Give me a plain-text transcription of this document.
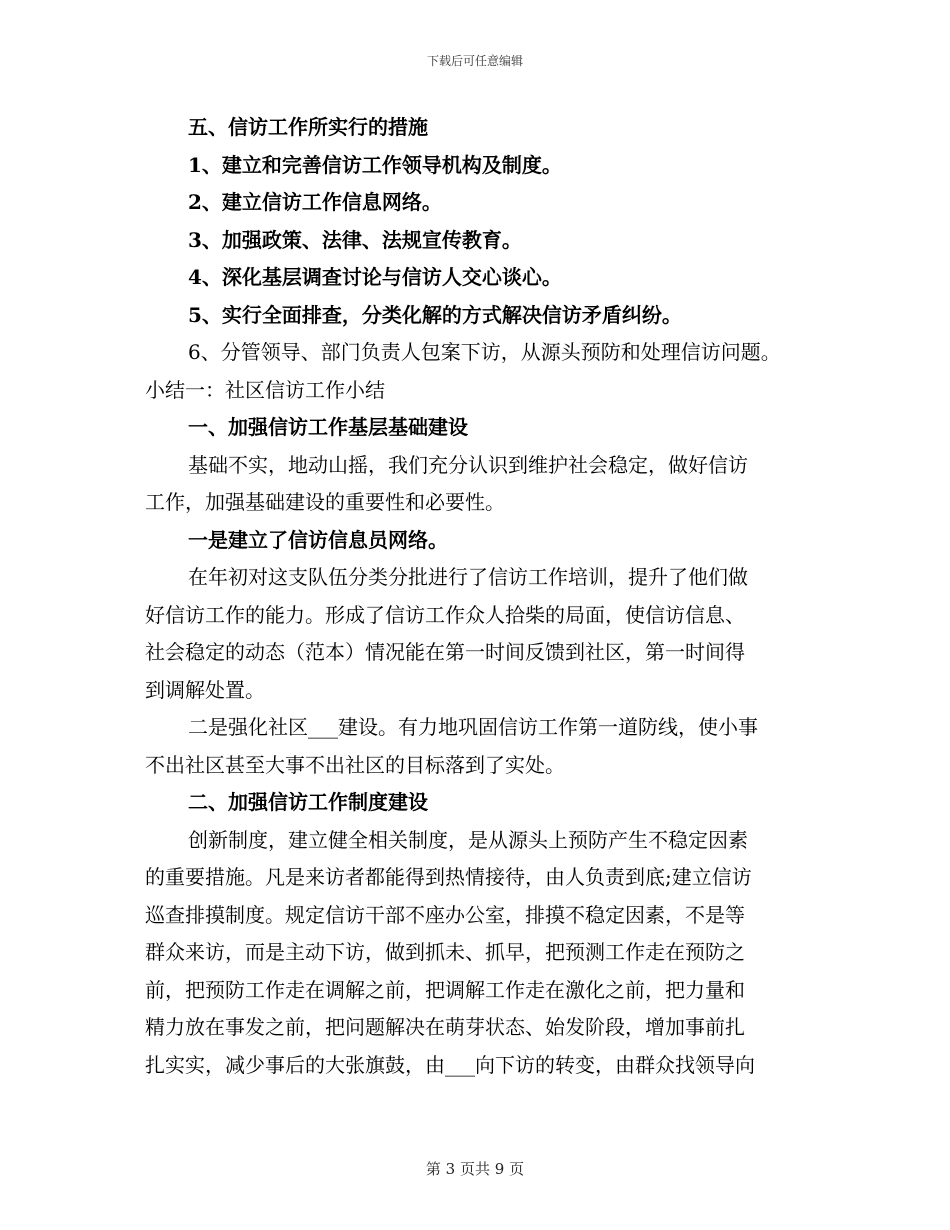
下载后可任意编辑
五、信访工作所实行的措施
1、建立和完善信访工作领导机构及制度。
2、建立信访工作信息网络。
3、加强政策、法律、法规宣传教育。
4、深化基层调查讨论与信访人交心谈心。
5、实行全面排查，分类化解的方式解决信访矛盾纠纷。
6、分管领导、部门负责人包案下访，从源头预防和处理信访问题。
小结一：社区信访工作小结
一、加强信访工作基层基础建设
基础不实，地动山摇，我们充分认识到维护社会稳定，做好信访
工作，加强基础建设的重要性和必要性。
一是建立了信访信息员网络。
在年初对这支队伍分类分批进行了信访工作培训，提升了他们做
好信访工作的能力。形成了信访工作众人拾柴的局面，使信访信息、
社会稳定的动态（范本）情况能在第一时间反馈到社区，第一时间得
到调解处置。
二是强化社区___建设。有力地巩固信访工作第一道防线，使小事
不出社区甚至大事不出社区的目标落到了实处。
二、加强信访工作制度建设
创新制度，建立健全相关制度，是从源头上预防产生不稳定因素
的重要措施。凡是来访者都能得到热情接待，由人负责到底;建立信访
巡查排摸制度。规定信访干部不座办公室，排摸不稳定因素，不是等
群众来访，而是主动下访，做到抓未、抓早，把预测工作走在预防之
前，把预防工作走在调解之前，把调解工作走在激化之前，把力量和
精力放在事发之前，把问题解决在萌芽状态、始发阶段，增加事前扎
扎实实，减少事后的大张旗鼓，由___向下访的转变，由群众找领导向
第 3 页共 9 页
